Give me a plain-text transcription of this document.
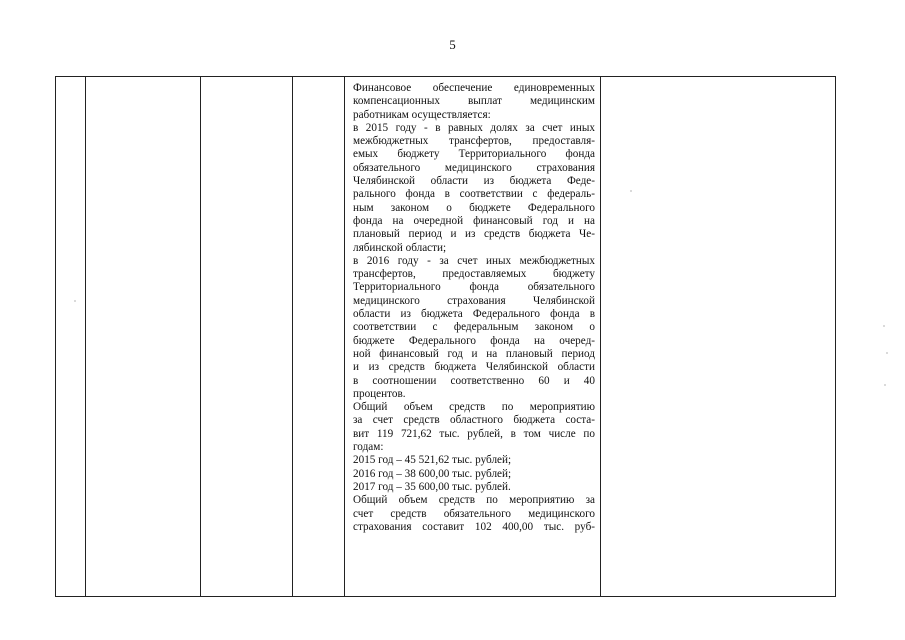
5

Финансовое обеспечение единовременных

компенсационных выплат медицинским

работникам осуществляется:

в 2015 году - в равных долях за счет иных

межбюджетных трансфертов, предоставля-

емых бюджету Территориального фонда

обязательного медицинского страхования

Челябинской области из бюджета Феде-

рального фонда в соответствии с федераль-

ным законом о бюджете Федерального

фонда на очередной финансовый год и на

плановый период и из средств бюджета Че-

лябинской области;

в 2016 году - за счет иных межбюджетных

трансфертов, предоставляемых бюджету

Территориального фонда обязательного

медицинского страхования Челябинской

области из бюджета Федерального фонда в

соответствии с федеральным законом о

бюджете Федерального фонда на очеред-

ной финансовый год и на плановый период

и из средств бюджета Челябинской области

в соотношении соответственно 60 и 40

процентов.

Общий объем средств по мероприятию

за счет средств областного бюджета соста-

вит 119 721,62 тыс. рублей, в том числе по

годам:

2015 год – 45 521,62 тыс. рублей;

2016 год – 38 600,00 тыс. рублей;

2017 год – 35 600,00 тыс. рублей.

Общий объем средств по мероприятию за

счет средств обязательного медицинского

страхования составит 102 400,00 тыс. руб-
